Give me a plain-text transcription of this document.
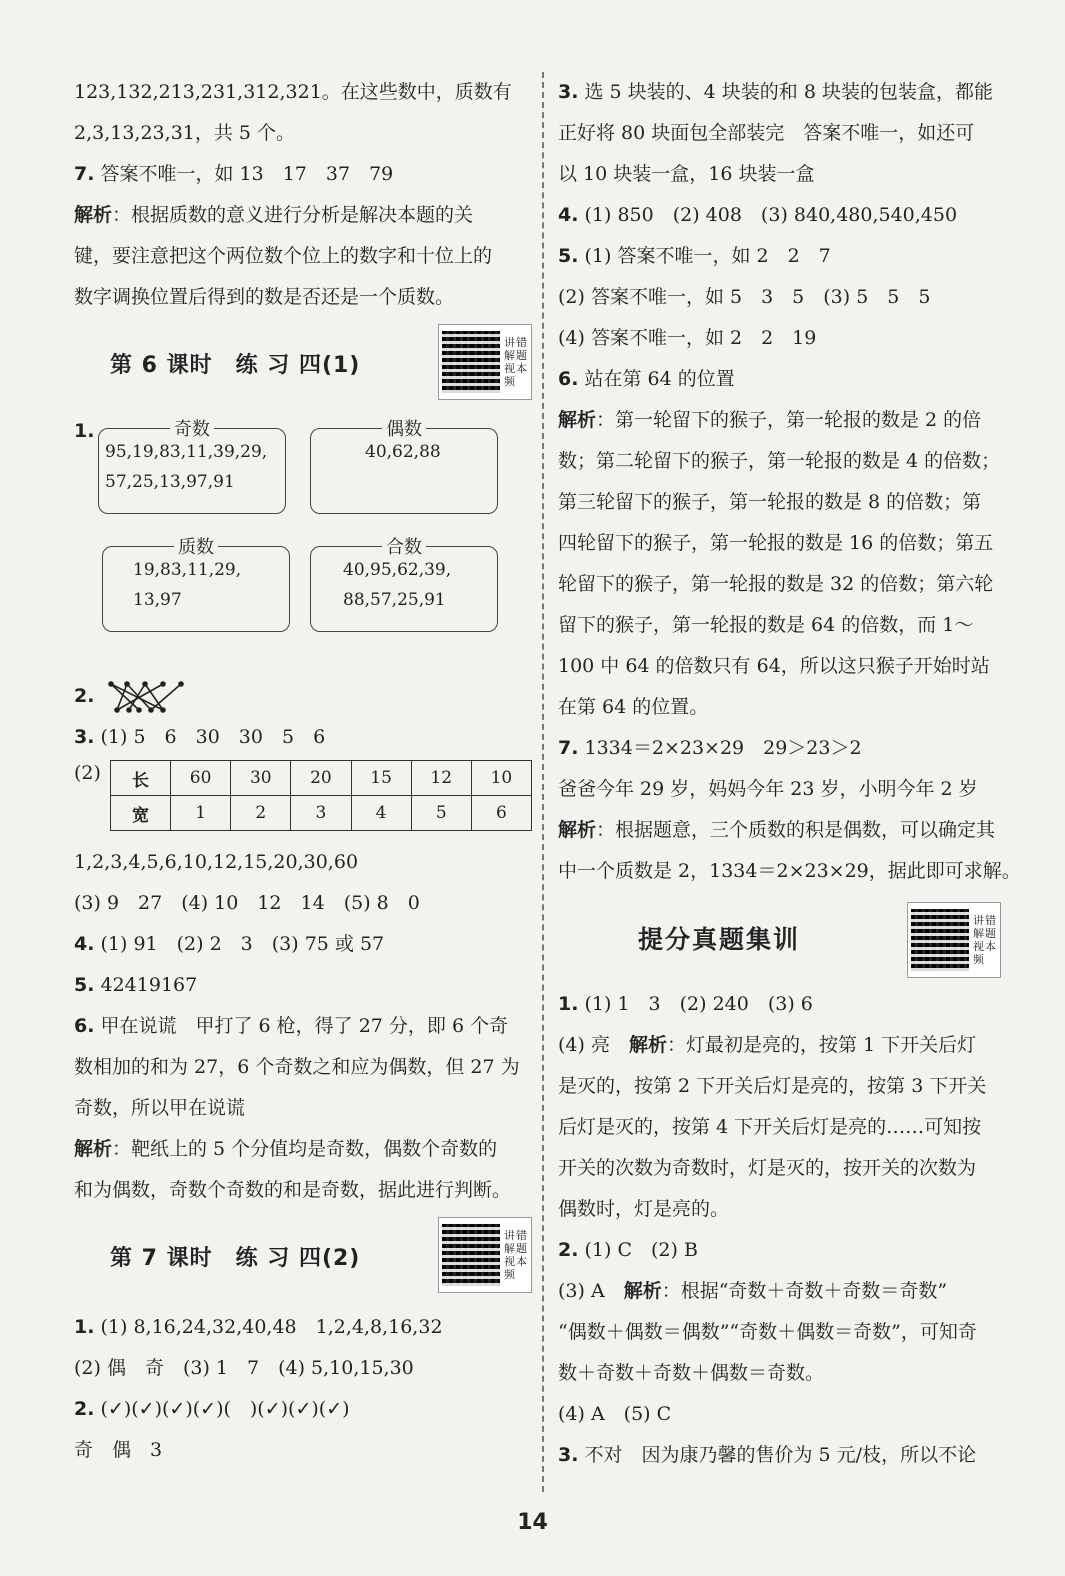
123,132,213,231,312,321。在这些数中，质数有
2,3,13,23,31，共 5 个。
7. 答案不唯一，如 13　17　37　79
解析：根据质数的意义进行分析是解决本题的关
键，要注意把这个两位数个位上的数字和十位上的
数字调换位置后得到的数是否还是一个质数。
第 6 课时　练 习 四(1)
讲解视频
错题本
1.	奇数
95,19,83,11,39,29,
57,25,13,97,91
偶数
40,62,88
质数
19,83,11,29,
13,97
合数
40,95,62,39,
88,57,25,91
2.
3. (1) 5　6　30　30　5　6
(2) 长	60	30	20	15	12	10
宽	1	2	3	4	5	6
1,2,3,4,5,6,10,12,15,20,30,60
(3) 9　27　(4) 10　12　14　(5) 8　0
4. (1) 91　(2) 2　3　(3) 75 或 57
5. 42419167
6. 甲在说谎　甲打了 6 枪，得了 27 分，即 6 个奇
数相加的和为 27，6 个奇数之和应为偶数，但 27 为
奇数，所以甲在说谎
解析：靶纸上的 5 个分值均是奇数，偶数个奇数的
和为偶数，奇数个奇数的和是奇数，据此进行判断。
第 7 课时　练 习 四(2)
讲解视频
错题本
1. (1) 8,16,24,32,40,48　1,2,4,8,16,32
(2) 偶　奇　(3) 1　7　(4) 5,10,15,30
2. (✓)(✓)(✓)(✓)(　)(✓)(✓)(✓)
奇　偶　3
3. 选 5 块装的、4 块装的和 8 块装的包装盒，都能
正好将 80 块面包全部装完　答案不唯一，如还可
以 10 块装一盒，16 块装一盒
4. (1) 850　(2) 408　(3) 840,480,540,450
5. (1) 答案不唯一，如 2　2　7
(2) 答案不唯一，如 5　3　5　(3) 5　5　5
(4) 答案不唯一，如 2　2　19
6. 站在第 64 的位置
解析：第一轮留下的猴子，第一轮报的数是 2 的倍
数；第二轮留下的猴子，第一轮报的数是 4 的倍数；
第三轮留下的猴子，第一轮报的数是 8 的倍数；第
四轮留下的猴子，第一轮报的数是 16 的倍数；第五
轮留下的猴子，第一轮报的数是 32 的倍数；第六轮
留下的猴子，第一轮报的数是 64 的倍数，而 1～
100 中 64 的倍数只有 64，所以这只猴子开始时站
在第 64 的位置。
7. 1334＝2×23×29　29＞23＞2
爸爸今年 29 岁，妈妈今年 23 岁，小明今年 2 岁
解析：根据题意，三个质数的积是偶数，可以确定其
中一个质数是 2，1334＝2×23×29，据此即可求解。
提分真题集训
讲解视频
错题本
1. (1) 1　3　(2) 240　(3) 6
(4) 亮　解析：灯最初是亮的，按第 1 下开关后灯
是灭的，按第 2 下开关后灯是亮的，按第 3 下开关
后灯是灭的，按第 4 下开关后灯是亮的……可知按
开关的次数为奇数时，灯是灭的，按开关的次数为
偶数时，灯是亮的。
2. (1) C　(2) B
(3) A　解析：根据“奇数＋奇数＋奇数＝奇数”
“偶数＋偶数＝偶数”“奇数＋偶数＝奇数”，可知奇
数＋奇数＋奇数＋偶数＝奇数。
(4) A　(5) C
3. 不对　因为康乃馨的售价为 5 元/枝，所以不论
14
